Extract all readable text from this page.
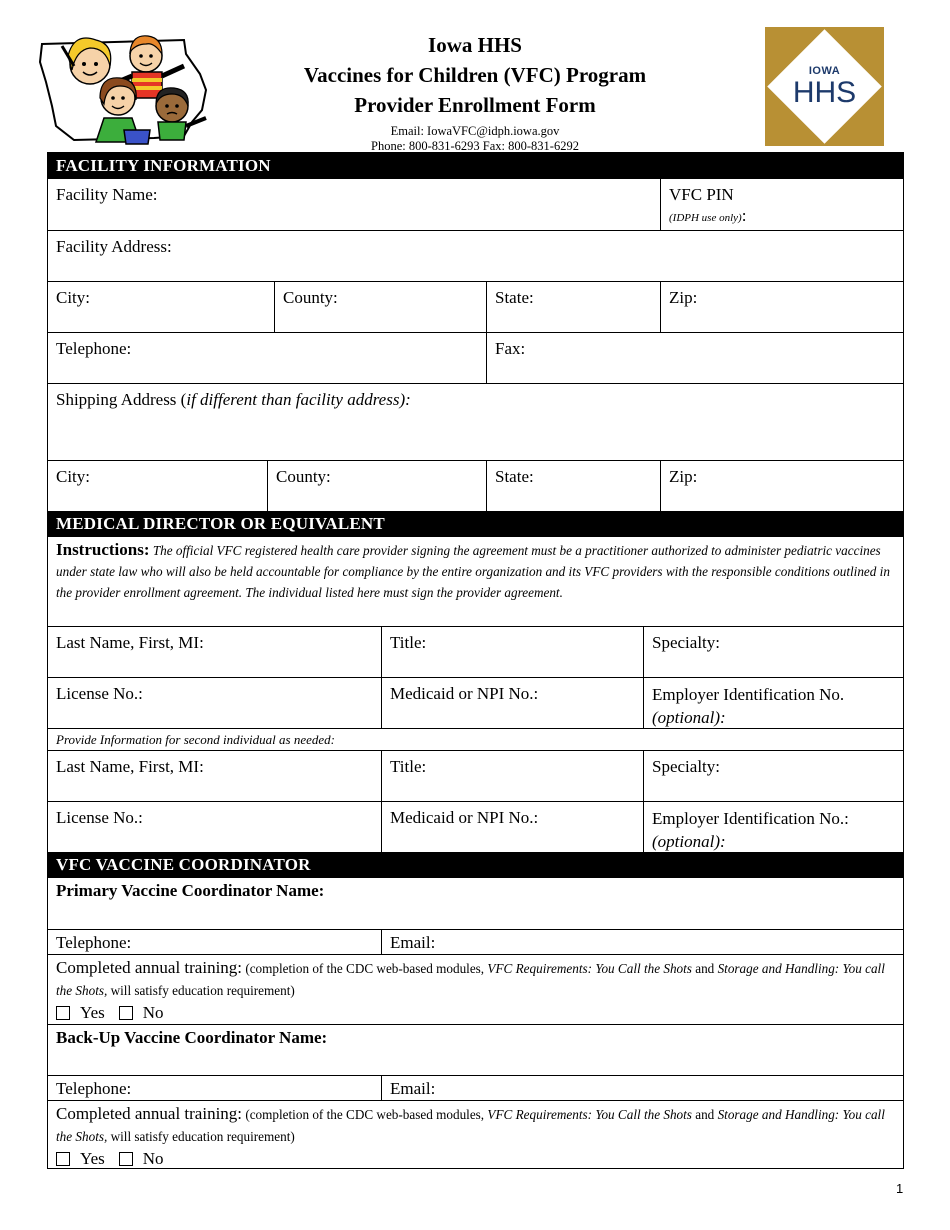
Iowa HHS
Vaccines for Children (VFC) Program
Provider Enrollment Form
Email: IowaVFC@idph.iowa.gov
Phone: 800-831-6293 Fax: 800-831-6292
IOWA
HHS
FACILITY INFORMATION
Facility Name:	VFC PIN
(IDPH use only):
Facility Address:
City:	County:	State:	Zip:
Telephone:	Fax:
Shipping Address (if different than facility address):
City:	County:	State:	Zip:
MEDICAL DIRECTOR OR EQUIVALENT
Instructions: The official VFC registered health care provider signing the agreement must be a practitioner authorized to administer pediatric vaccines under state law who will also be held accountable for compliance by the entire organization and its VFC providers with the responsible conditions outlined in the provider enrollment agreement. The individual listed here must sign the provider agreement.
Last Name, First, MI:	Title:	Specialty:
License No.:	Medicaid or NPI No.:	Employer Identification No.
(optional):
Provide Information for second individual as needed:
Last Name, First, MI:	Title:	Specialty:
License No.:	Medicaid or NPI No.:	Employer Identification No.:
(optional):
VFC VACCINE COORDINATOR
Primary Vaccine Coordinator Name:
Telephone:	Email:
Completed annual training: (completion of the CDC web-based modules, VFC Requirements: You Call the Shots and Storage and Handling: You call the Shots, will satisfy education requirement)
Yes No
Back-Up Vaccine Coordinator Name:
Telephone:	Email:
Completed annual training: (completion of the CDC web-based modules, VFC Requirements: You Call the Shots and Storage and Handling: You call the Shots, will satisfy education requirement)
Yes No
1
